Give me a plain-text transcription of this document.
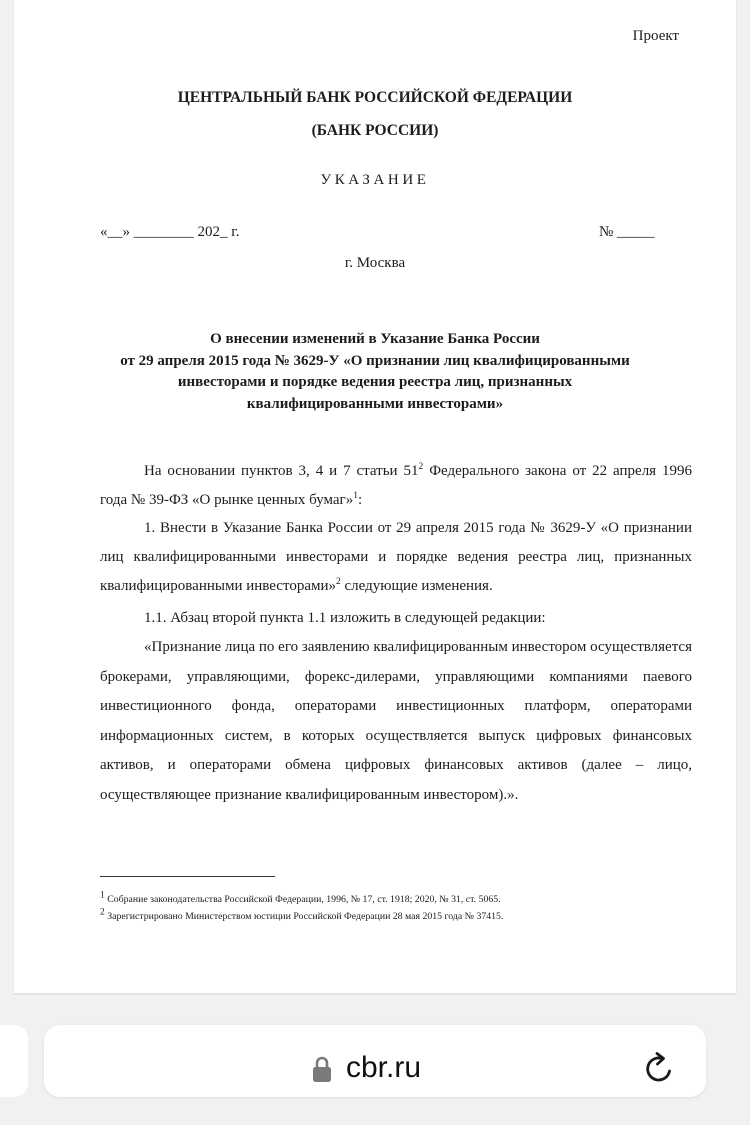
Проект
ЦЕНТРАЛЬНЫЙ БАНК РОССИЙСКОЙ ФЕДЕРАЦИИ
(БАНК РОССИИ)
УКАЗАНИЕ
«__» ________ 202_ г.	№ _____
г. Москва
О внесении изменений в Указание Банка России
от 29 апреля 2015 года № 3629-У «О признании лиц квалифицированными
инвесторами и порядке ведения реестра лиц, признанных
квалифицированными инвесторами»
На основании пунктов 3, 4 и 7 статьи $51^2$ Федерального закона от 22 апреля 1996 года № 39-ФЗ «О рынке ценных бумаг»$^1$:
1. Внести в Указание Банка России от 29 апреля 2015 года № 3629-У «О признании лиц квалифицированными инвесторами и порядке ведения реестра лиц, признанных квалифицированными инвесторами»$^2$ следующие изменения.
1.1. Абзац второй пункта 1.1 изложить в следующей редакции:
«Признание лица по его заявлению квалифицированным инвестором осуществляется брокерами, управляющими, форекс-дилерами, управляющими компаниями паевого инвестиционного фонда, операторами инвестиционных платформ, операторами информационных систем, в которых осуществляется выпуск цифровых финансовых активов, и операторами обмена цифровых финансовых активов (далее – лицо, осуществляющее признание квалифицированным инвестором).».
$^1$ Собрание законодательства Российской Федерации, 1996, № 17, ст. 1918; 2020, № 31, ст. 5065.
$^2$ Зарегистрировано Министерством юстиции Российской Федерации 28 мая 2015 года № 37415.
cbr.ru
